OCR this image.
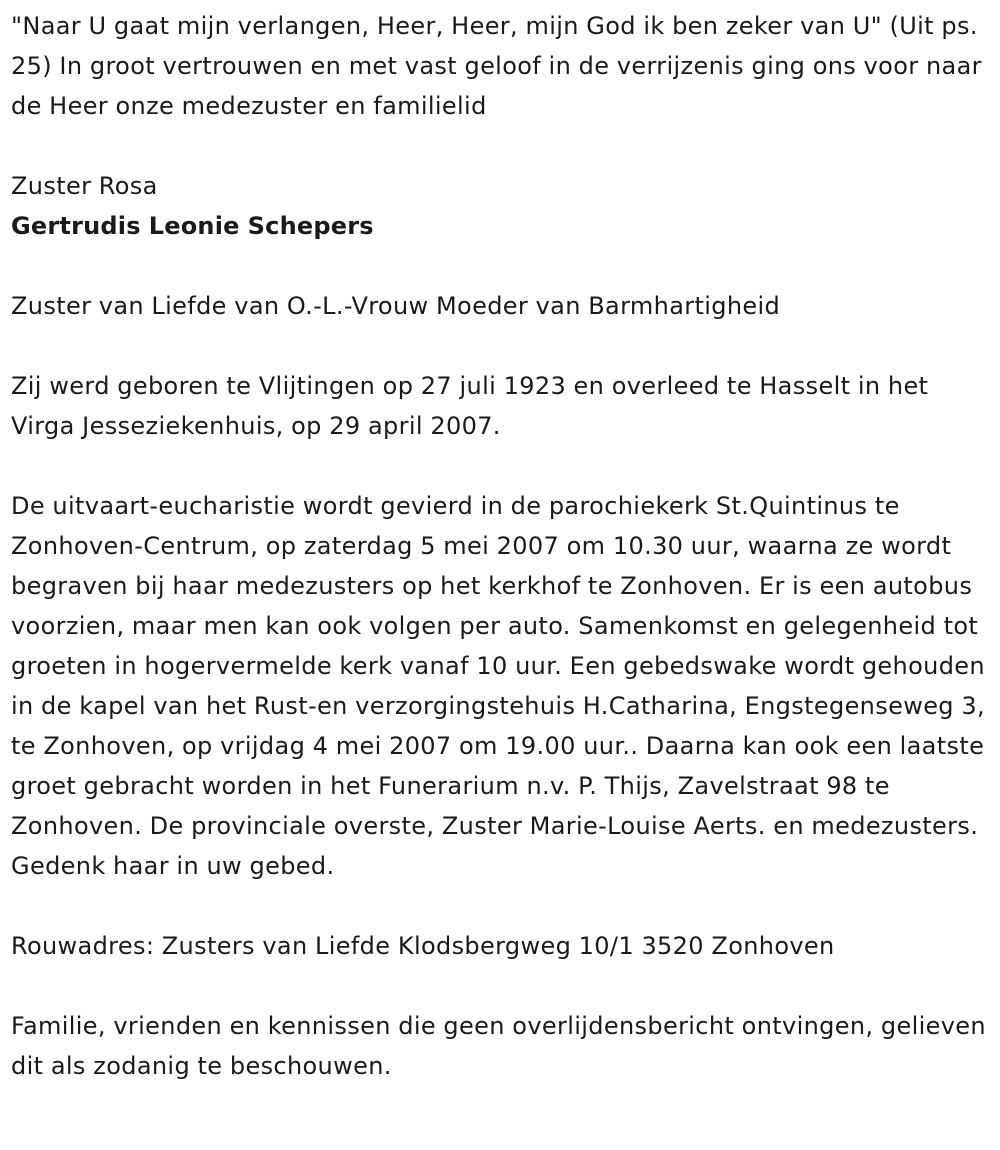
"Naar U gaat mijn verlangen, Heer, Heer, mijn God ik ben zeker van U" (Uit ps. 25) In groot vertrouwen en met vast geloof in de verrijzenis ging ons voor naar de Heer onze medezuster en familielid

Zuster Rosa

Gertrudis Leonie Schepers

Zuster van Liefde van O.-L.-Vrouw Moeder van Barmhartigheid

Zij werd geboren te Vlijtingen op 27 juli 1923 en overleed te Hasselt in het Virga Jesseziekenhuis, op 29 april 2007.

De uitvaart-eucharistie wordt gevierd in de parochiekerk St.Quintinus te Zonhoven-Centrum, op zaterdag 5 mei 2007 om 10.30 uur, waarna ze wordt begraven bij haar medezusters op het kerkhof te Zonhoven. Er is een autobus voorzien, maar men kan ook volgen per auto. Samenkomst en gelegenheid tot groeten in hogervermelde kerk vanaf 10 uur. Een gebedswake wordt gehouden in de kapel van het Rust-en verzorgingstehuis H.Catharina, Engstegenseweg 3, te Zonhoven, op vrijdag 4 mei 2007 om 19.00 uur.. Daarna kan ook een laatste groet gebracht worden in het Funerarium n.v. P. Thijs, Zavelstraat 98 te Zonhoven. De provinciale overste, Zuster Marie-Louise Aerts. en medezusters. Gedenk haar in uw gebed.

Rouwadres: Zusters van Liefde Klodsbergweg 10/1 3520 Zonhoven

Familie, vrienden en kennissen die geen overlijdensbericht ontvingen, gelieven dit als zodanig te beschouwen.
